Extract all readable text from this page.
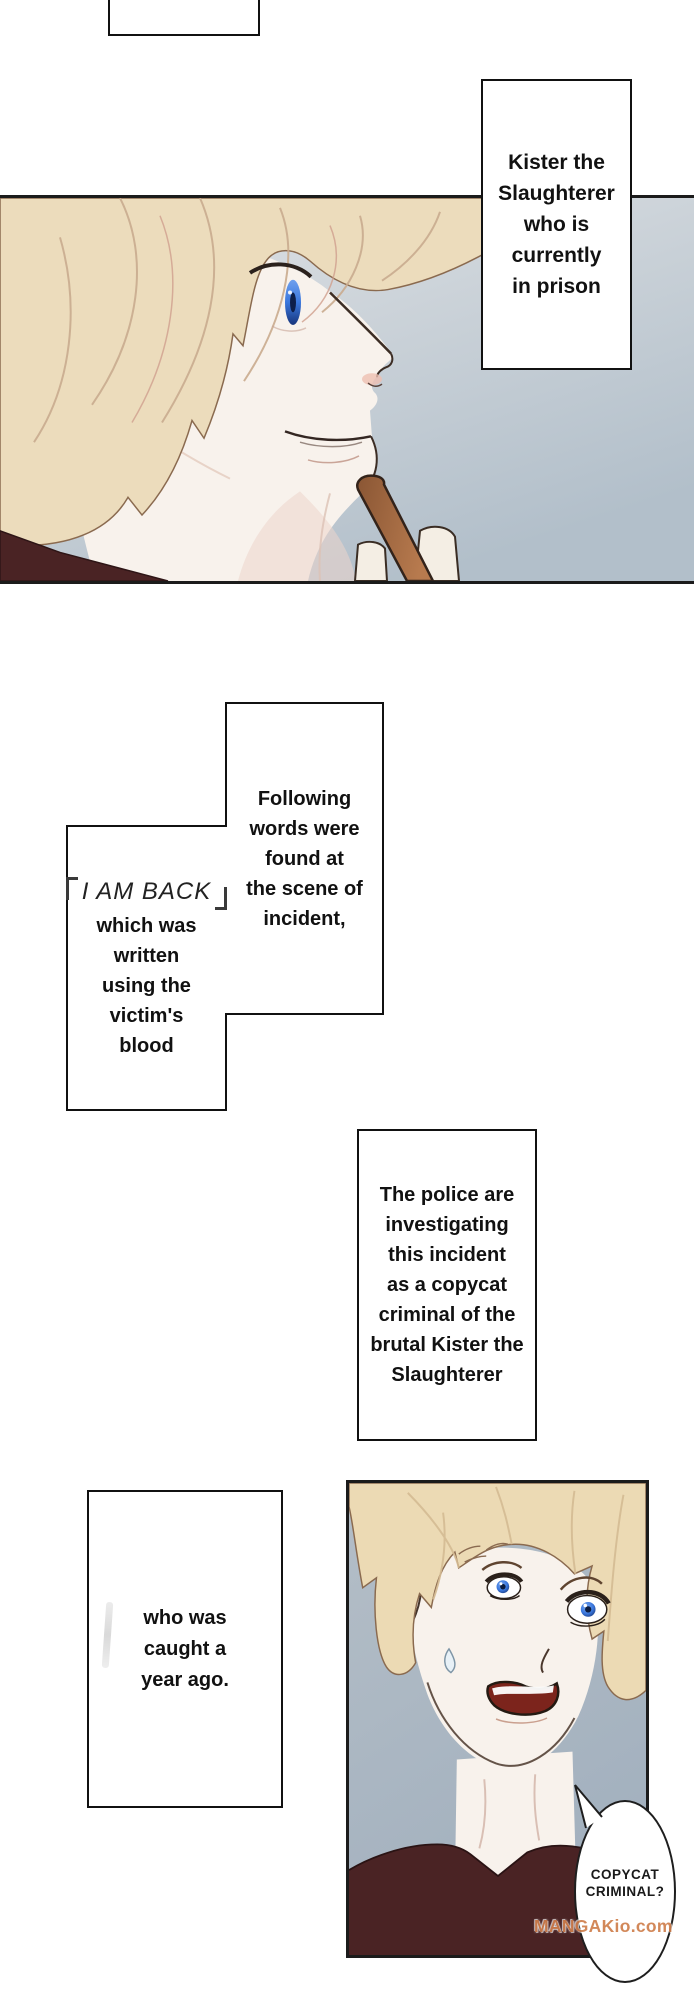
Kister the
Slaughterer
who is
currently
in prison
Following
words were
found at
the scene of
incident,
I AM BACK
which was
written
using the
victim's
blood
The police are
investigating
this incident
as a copycat
criminal of the
brutal Kister the
Slaughterer
who was
caught a
year ago.
COPYCAT
CRIMINAL?
MANGAKio.com
